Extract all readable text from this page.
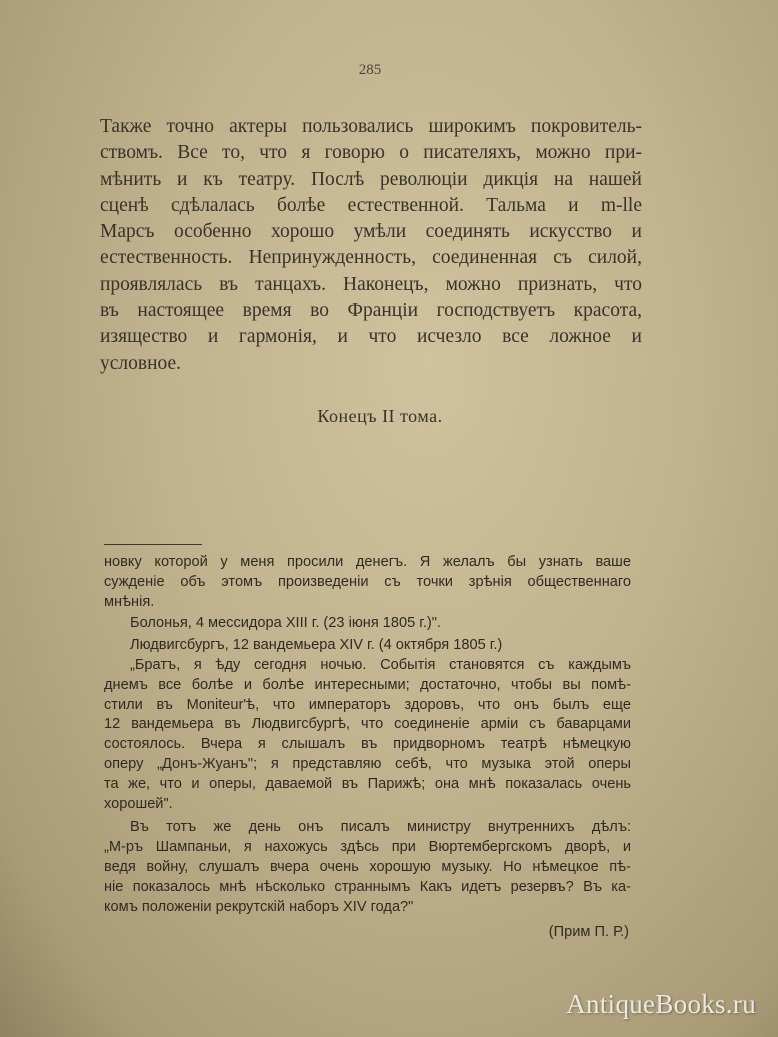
285
Также точно актеры пользовались широкимъ покровитель-
ствомъ. Все то, что я говорю о писателяхъ, можно при-
мѣнить и къ театру. Послѣ революціи дикція на нашей
сценѣ сдѣлалась болѣе естественной. Тальма и m-lle
Марсъ особенно хорошо умѣли соединять искусство и
естественность. Непринужденность, соединенная съ силой,
проявлялась въ танцахъ. Наконецъ, можно признать, что
въ настоящее время во Франціи господствуетъ красота,
изящество и гармонія, и что исчезло все ложное и
условное.
Конецъ II тома.
новку которой у меня просили денегъ. Я желалъ бы узнать ваше
сужденіе объ этомъ произведеніи съ точки зрѣнія общественнаго
мнѣнія.
Болонья, 4 мессидора XIII г. (23 іюня 1805 г.)".
Людвигсбургъ, 12 вандемьера XIV г. (4 октября 1805 г.)
„Братъ, я ѣду сегодня ночью. Событія становятся съ каждымъ
днемъ все болѣе и болѣе интересными; достаточно, чтобы вы помѣ-
стили въ Moniteur'ѣ, что императоръ здоровъ, что онъ былъ еще
12 вандемьера въ Людвигсбургѣ, что соединеніе арміи съ баварцами
состоялось. Вчера я слышалъ въ придворномъ театрѣ нѣмецкую
оперу „Донъ-Жуанъ"; я представляю себѣ, что музыка этой оперы
та же, что и оперы, даваемой въ Парижѣ; она мнѣ показалась очень
хорошей".
Въ тотъ же день онъ писалъ министру внутреннихъ дѣлъ:
„М-ръ Шампаньи, я нахожусь здѣсь при Вюртембергскомъ дворѣ, и
ведя войну, слушалъ вчера очень хорошую музыку. Но нѣмецкое пѣ-
ніе показалось мнѣ нѣсколько страннымъ Какъ идетъ резервъ? Въ ка-
комъ положеніи рекрутскій наборъ XIV года?"
(Прим П. Р.)
AntiqueBooks.ru
